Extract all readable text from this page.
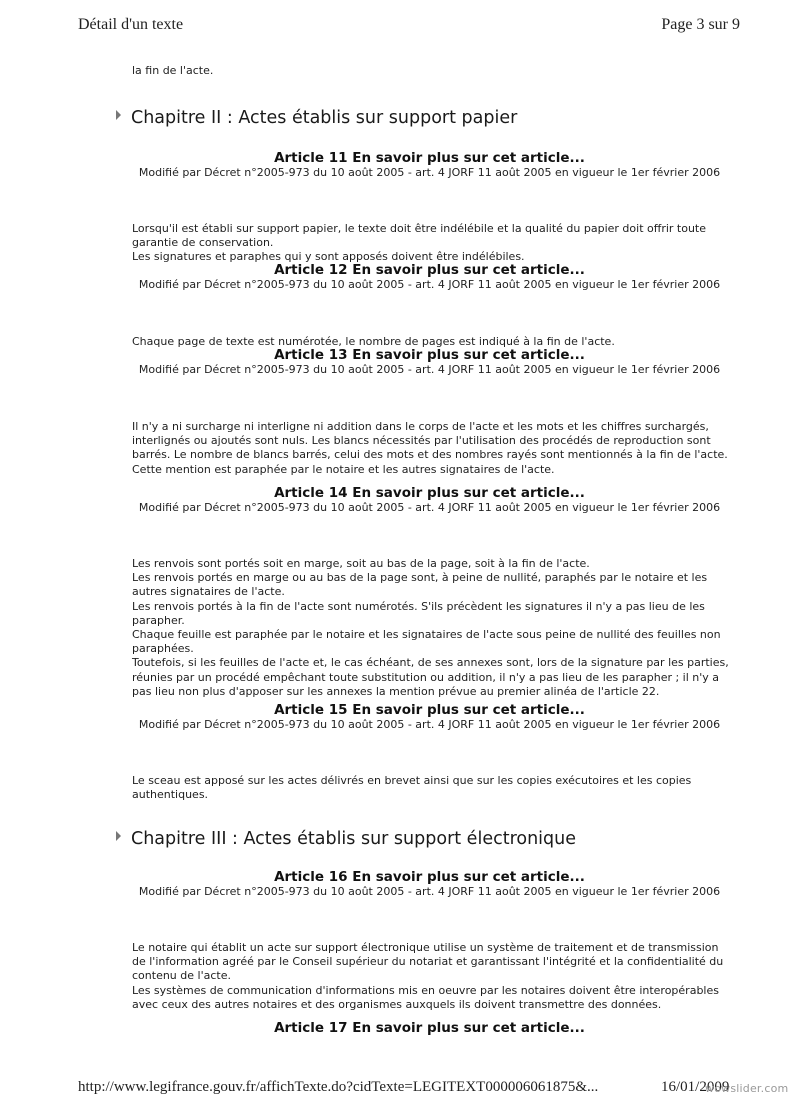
Détail d'un texte	Page 3 sur 9

la fin de l'acte.

Chapitre II : Actes établis sur support papier
Article 11 En savoir plus sur cet article...
Modifié par Décret n°2005-973 du 10 août 2005 - art. 4 JORF 11 août 2005 en vigueur le 1er février 2006

Lorsqu'il est établi sur support papier, le texte doit être indélébile et la qualité du papier doit offrir toute garantie de conservation.

Les signatures et paraphes qui y sont apposés doivent être indélébiles.

Article 12 En savoir plus sur cet article...
Modifié par Décret n°2005-973 du 10 août 2005 - art. 4 JORF 11 août 2005 en vigueur le 1er février 2006

Chaque page de texte est numérotée, le nombre de pages est indiqué à la fin de l'acte.

Article 13 En savoir plus sur cet article...
Modifié par Décret n°2005-973 du 10 août 2005 - art. 4 JORF 11 août 2005 en vigueur le 1er février 2006

Il n'y a ni surcharge ni interligne ni addition dans le corps de l'acte et les mots et les chiffres surchargés, interlignés ou ajoutés sont nuls. Les blancs nécessités par l'utilisation des procédés de reproduction sont barrés. Le nombre de blancs barrés, celui des mots et des nombres rayés sont mentionnés à la fin de l'acte. Cette mention est paraphée par le notaire et les autres signataires de l'acte.

Article 14 En savoir plus sur cet article...
Modifié par Décret n°2005-973 du 10 août 2005 - art. 4 JORF 11 août 2005 en vigueur le 1er février 2006

Les renvois sont portés soit en marge, soit au bas de la page, soit à la fin de l'acte.

Les renvois portés en marge ou au bas de la page sont, à peine de nullité, paraphés par le notaire et les autres signataires de l'acte.

Les renvois portés à la fin de l'acte sont numérotés. S'ils précèdent les signatures il n'y a pas lieu de les parapher.

Chaque feuille est paraphée par le notaire et les signataires de l'acte sous peine de nullité des feuilles non paraphées.

Toutefois, si les feuilles de l'acte et, le cas échéant, de ses annexes sont, lors de la signature par les parties, réunies par un procédé empêchant toute substitution ou addition, il n'y a pas lieu de les parapher ; il n'y a pas lieu non plus d'apposer sur les annexes la mention prévue au premier alinéa de l'article 22.

Article 15 En savoir plus sur cet article...
Modifié par Décret n°2005-973 du 10 août 2005 - art. 4 JORF 11 août 2005 en vigueur le 1er février 2006

Le sceau est apposé sur les actes délivrés en brevet ainsi que sur les copies exécutoires et les copies authentiques.

Chapitre III : Actes établis sur support électronique
Article 16 En savoir plus sur cet article...
Modifié par Décret n°2005-973 du 10 août 2005 - art. 4 JORF 11 août 2005 en vigueur le 1er février 2006

Le notaire qui établit un acte sur support électronique utilise un système de traitement et de transmission de l'information agréé par le Conseil supérieur du notariat et garantissant l'intégrité et la confidentialité du contenu de l'acte.

Les systèmes de communication d'informations mis en oeuvre par les notaires doivent être interopérables avec ceux des autres notaires et des organismes auxquels ils doivent transmettre des données.

Article 17 En savoir plus sur cet article...
http://www.legifrance.gouv.fr/affichTexte.do?cidTexte=LEGITEXT000006061875&...	16/01/2009
wowslider.com
